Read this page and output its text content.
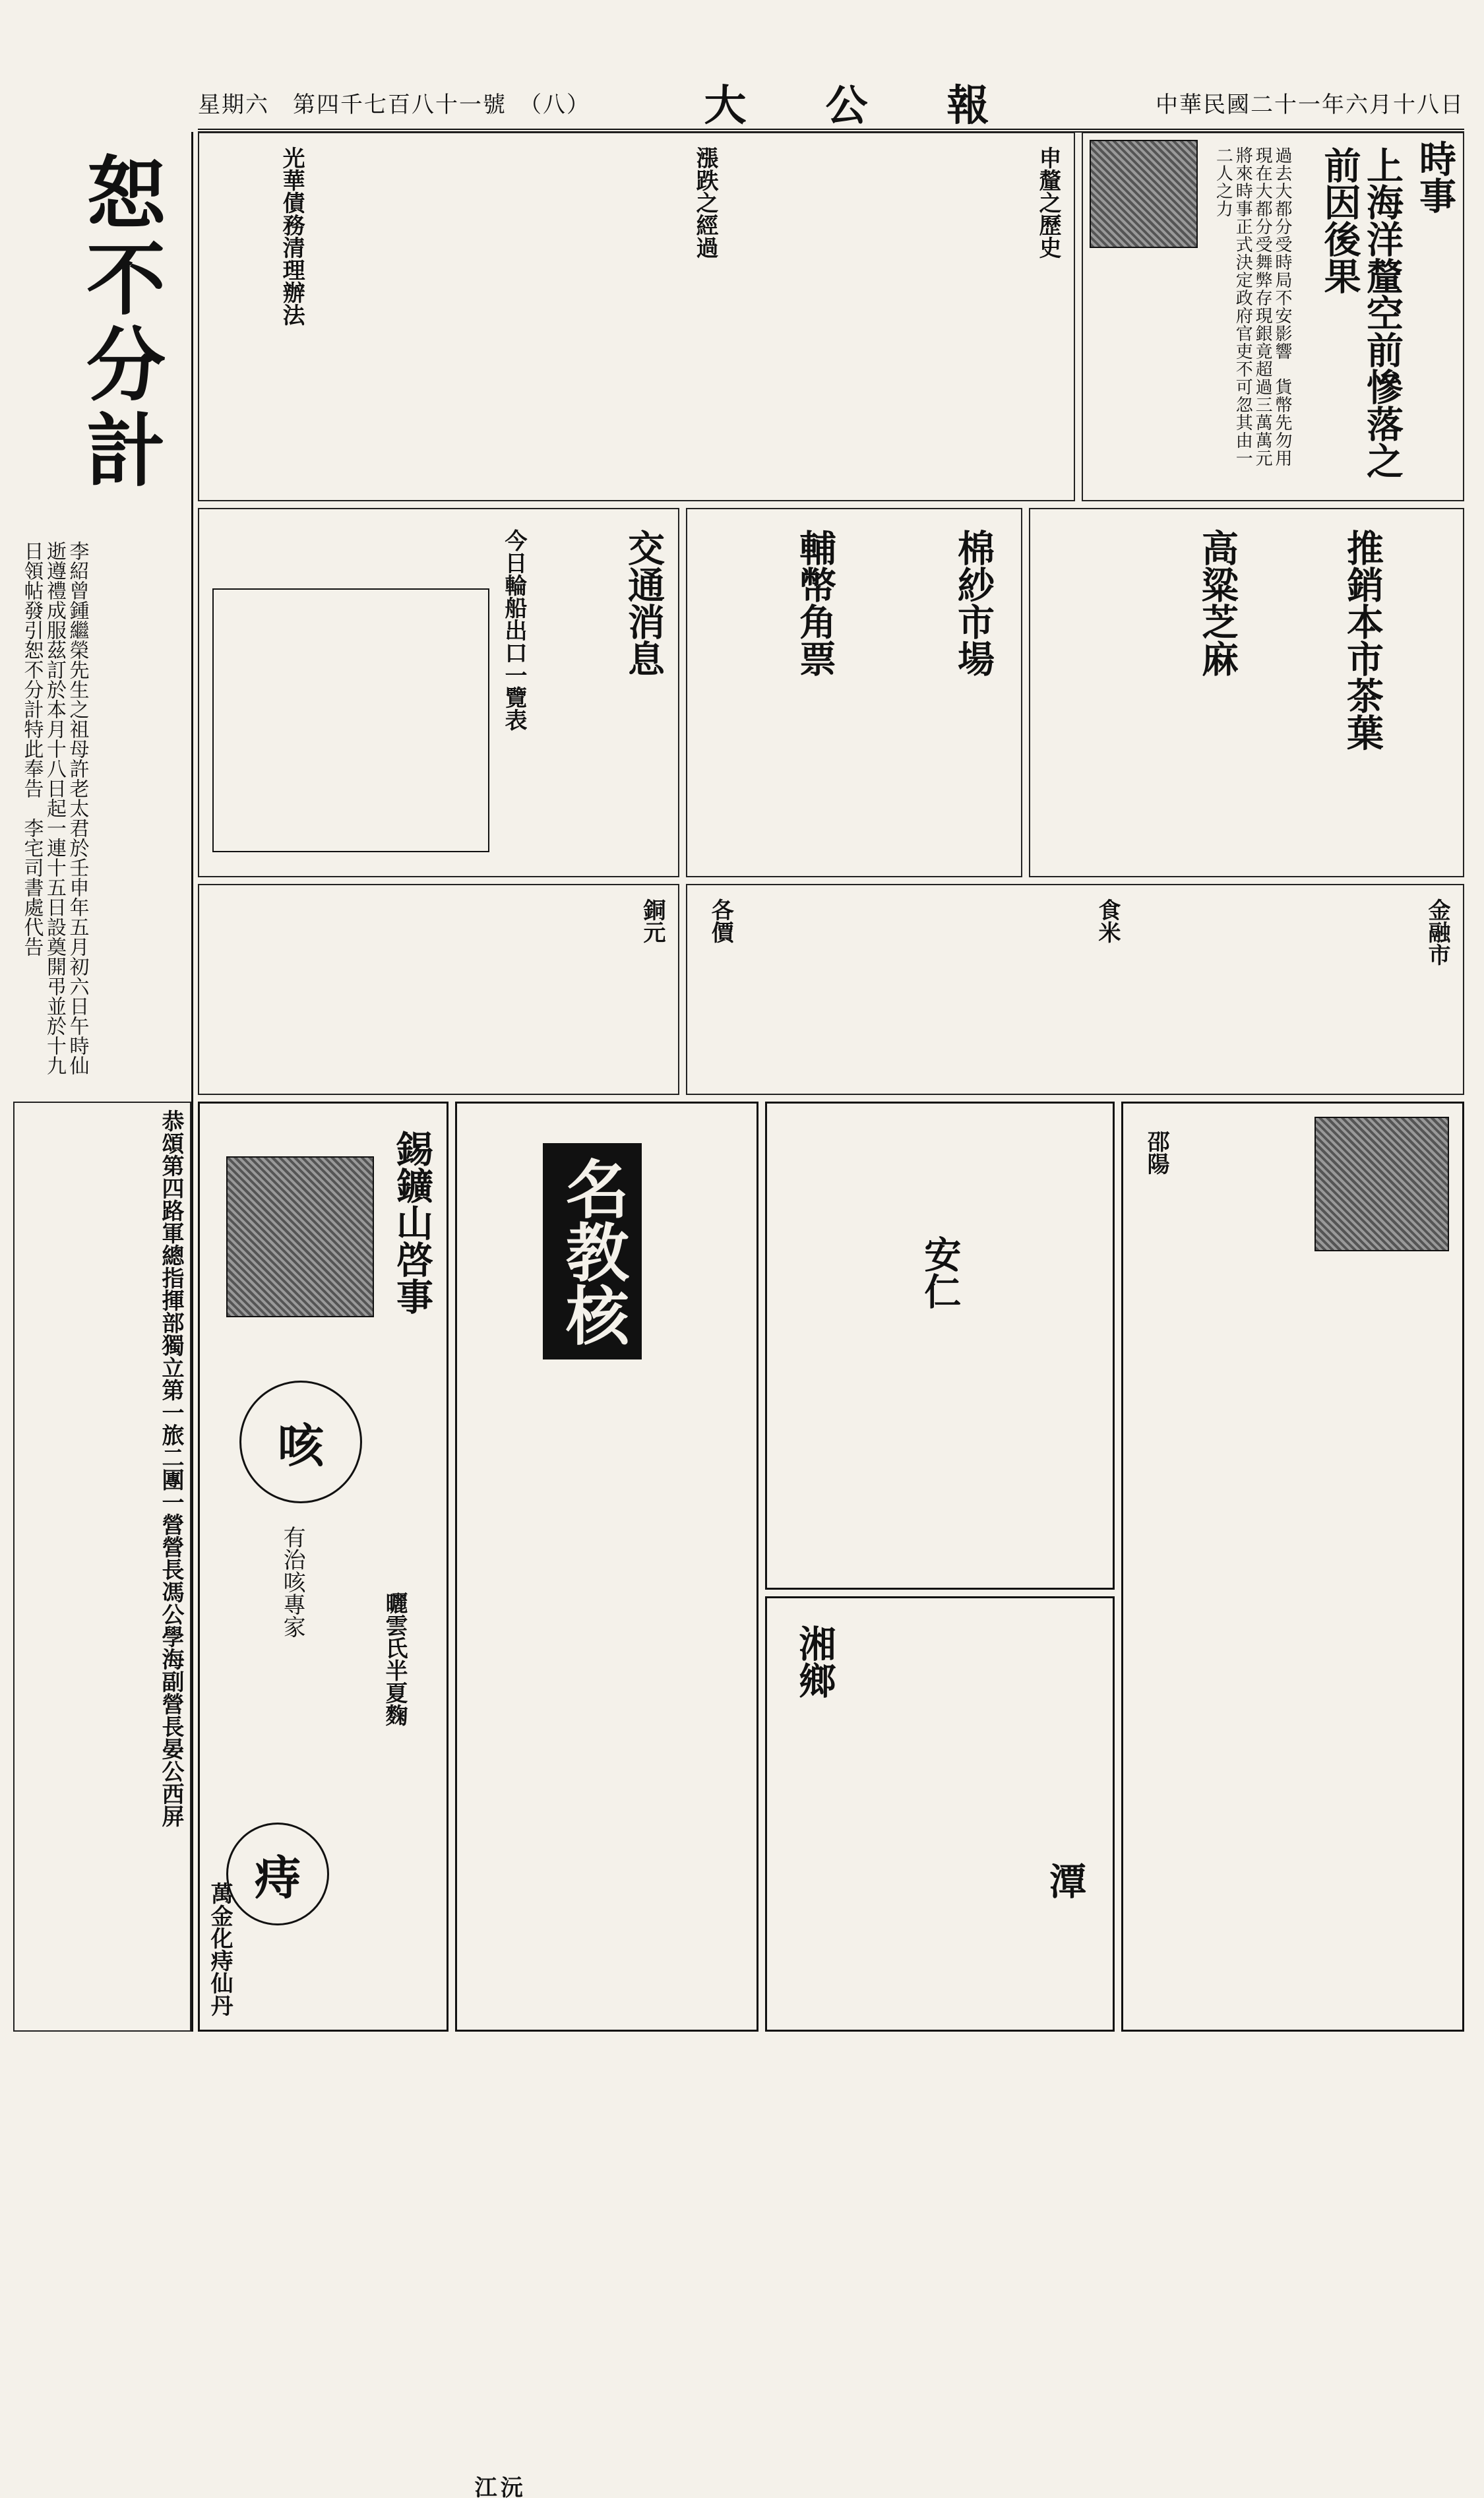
星期六　第四千七百八十一號　（八）	大 公 報	中華民國二十一年六月十八日
恕不分計
李紹曾鍾繼榮先生之祖母許老太君於壬申年五月初六日午時仙逝遵禮成服茲訂於本月十八日起一連十五日設奠開弔並於十九日領帖發引恕不分計特此奉告　李宅司書處代告
時事
上海洋釐空前慘落之前因後果
過去大都分受時局不安影響　貨幣先勿用現在大都分受舞弊存現銀竟超過三萬萬元　將來時事正式決定政府官吏不可忽其由一二人之力
申釐之歷史
漲跌之經過
光華債務清理辦法
推銷本市茶葉
高粱芝麻
棉紗市場
輔幣角票
交通消息
今日輪船出口一覽表
金融市
食米
各價
銅元
邵陽
安仁
湘鄉
潭
名教核
沅江
錫鑛山啓事
咳
有治咳專家
曬雲氏半夏麴
痔
萬金化痔仙丹
恭頌第四路軍總指揮部獨立第一旅二團一營營長馮公學海副營長晏公西屏
